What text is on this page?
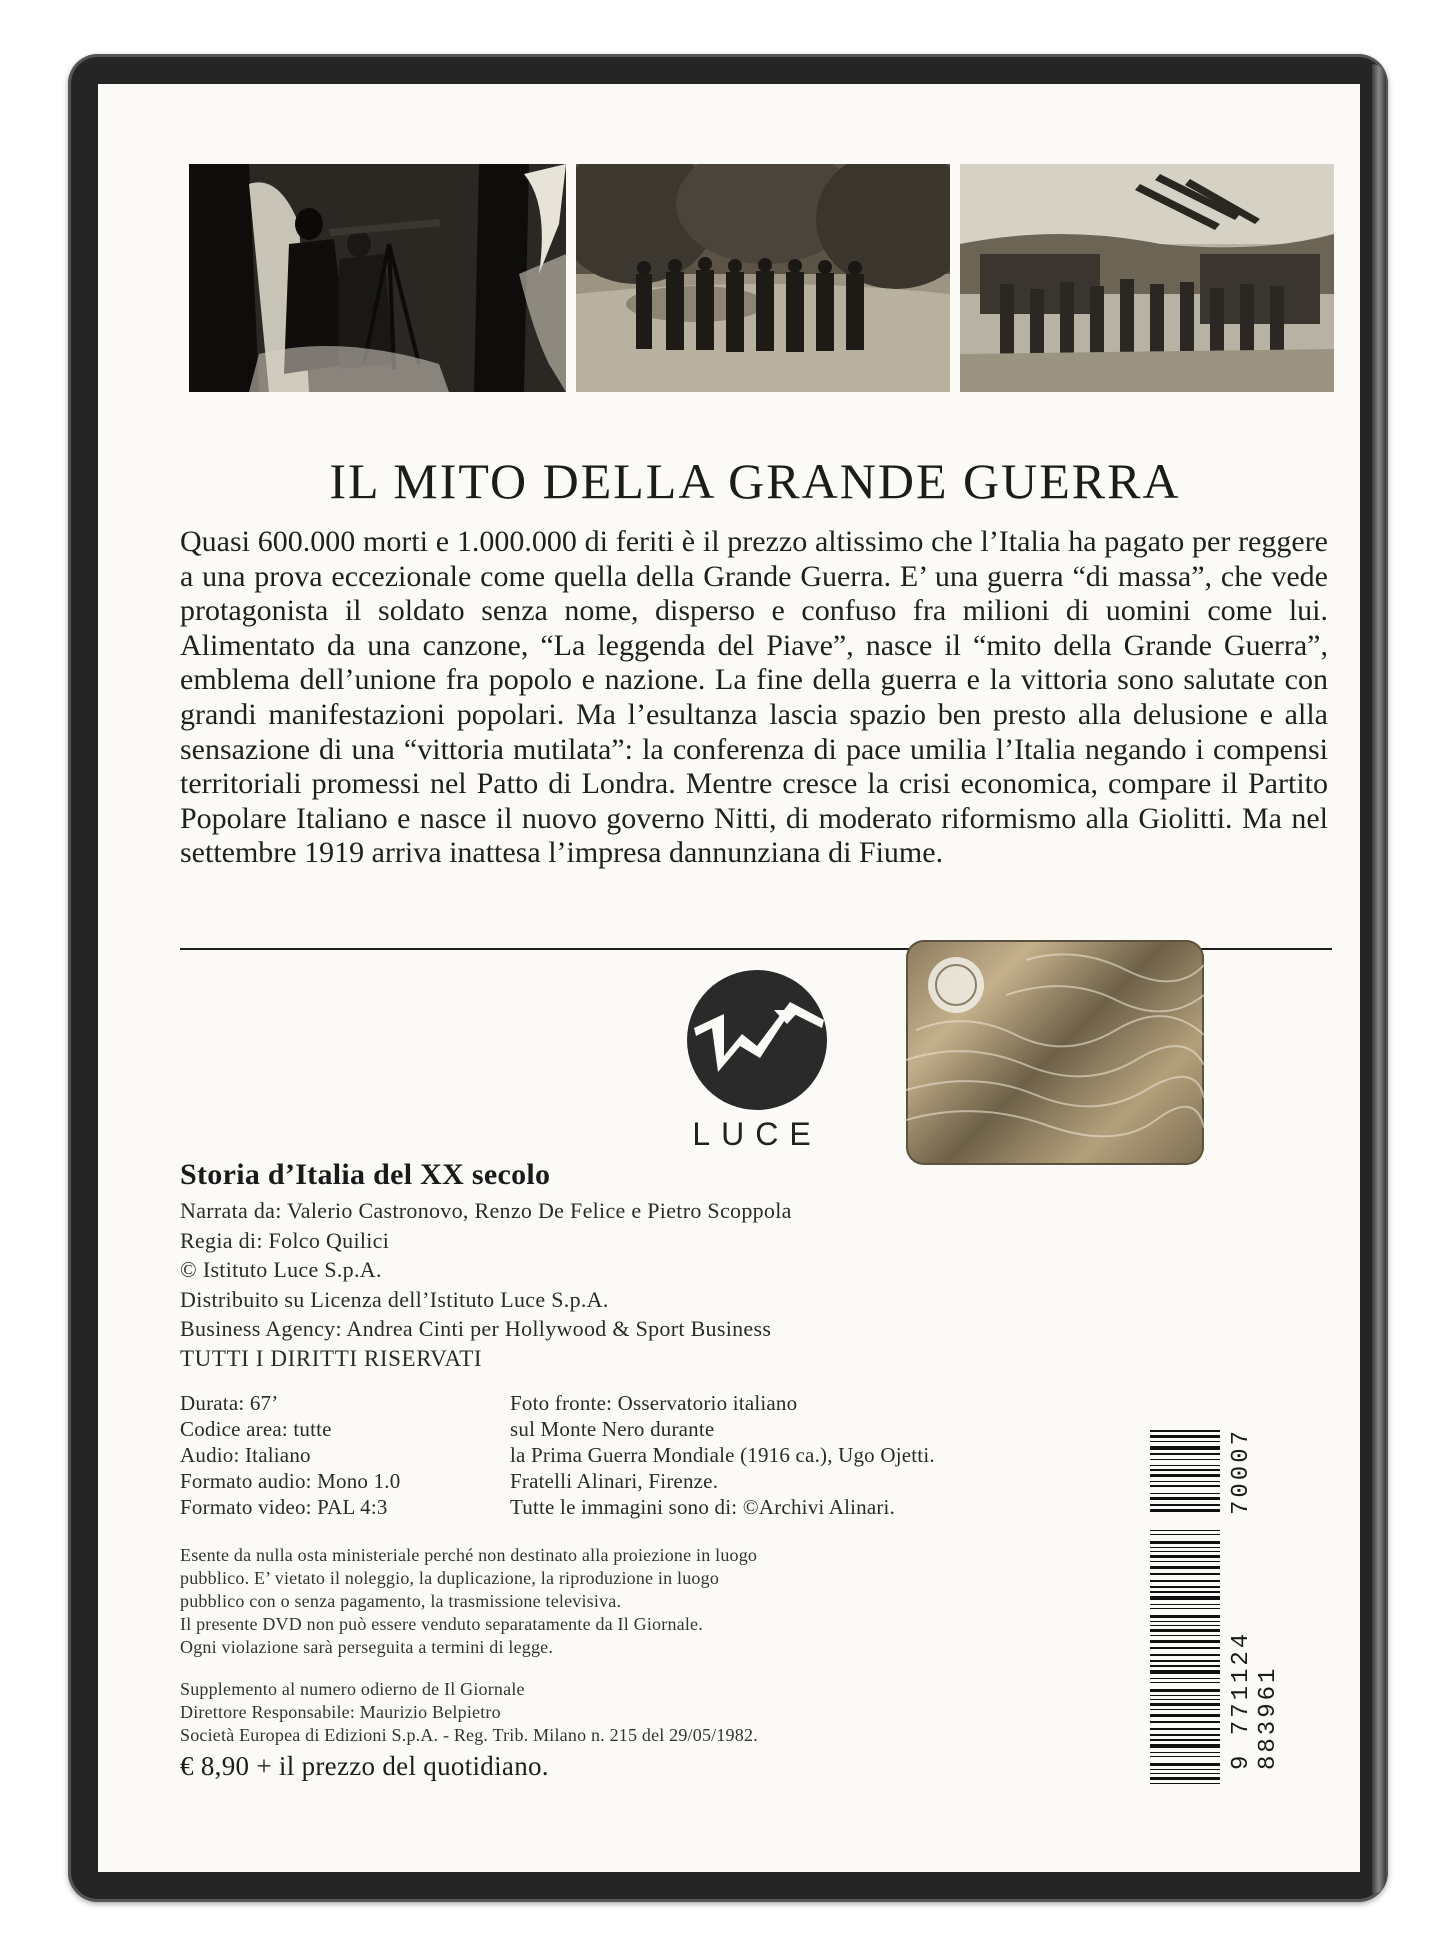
IL MITO DELLA GRANDE GUERRA

Quasi 600.000 morti e 1.000.000 di feriti è il prezzo altissimo che l’Italia ha pagato per reggere a una prova eccezionale come quella della Grande Guerra. E’ una guerra “di massa”, che vede protagonista il soldato senza nome, disperso e confuso fra milioni di uomini come lui. Alimentato da una canzone, “La leggenda del Piave”, nasce il “mito della Grande Guerra”, emblema dell’unione fra popolo e nazione. La fine della guerra e la vittoria sono salutate con grandi manifestazioni popolari. Ma l’esultanza lascia spazio ben presto alla delusione e alla sensazione di una “vittoria mutilata”: la conferenza di pace umilia l’Italia negando i compensi territoriali promessi nel Patto di Londra. Mentre cresce la crisi economica, compare il Partito Popolare Italiano e nasce il nuovo governo Nitti, di moderato riformismo alla Giolitti. Ma nel settembre 1919 arriva inattesa l’impresa dannunziana di Fiume.

LUCE
Storia d’Italia del XX secolo
Narrata da: Valerio Castronovo, Renzo De Felice e Pietro Scoppola
Regia di: Folco Quilici
© Istituto Luce S.p.A.
Distribuito su Licenza dell’Istituto Luce S.p.A.
Business Agency: Andrea Cinti per Hollywood & Sport Business
TUTTI I DIRITTI RISERVATI
Durata: 67’
Codice area: tutte
Audio: Italiano
Formato audio: Mono 1.0
Formato video: PAL 4:3
Foto fronte: Osservatorio italiano
sul Monte Nero durante
la Prima Guerra Mondiale (1916 ca.), Ugo Ojetti.
Fratelli Alinari, Firenze.
Tutte le immagini sono di: ©Archivi Alinari.
Esente da nulla osta ministeriale perché non destinato alla proiezione in luogo
pubblico. E’ vietato il noleggio, la duplicazione, la riproduzione in luogo
pubblico con o senza pagamento, la trasmissione televisiva.
Il presente DVD non può essere venduto separatamente da Il Giornale.
Ogni violazione sarà perseguita a termini di legge.
Supplemento al numero odierno de Il Giornale
Direttore Responsabile: Maurizio Belpietro
Società Europea di Edizioni S.p.A. - Reg. Trib. Milano n. 215 del 29/05/1982.
€ 8,90 + il prezzo del quotidiano.
70007
9 771124 883961
